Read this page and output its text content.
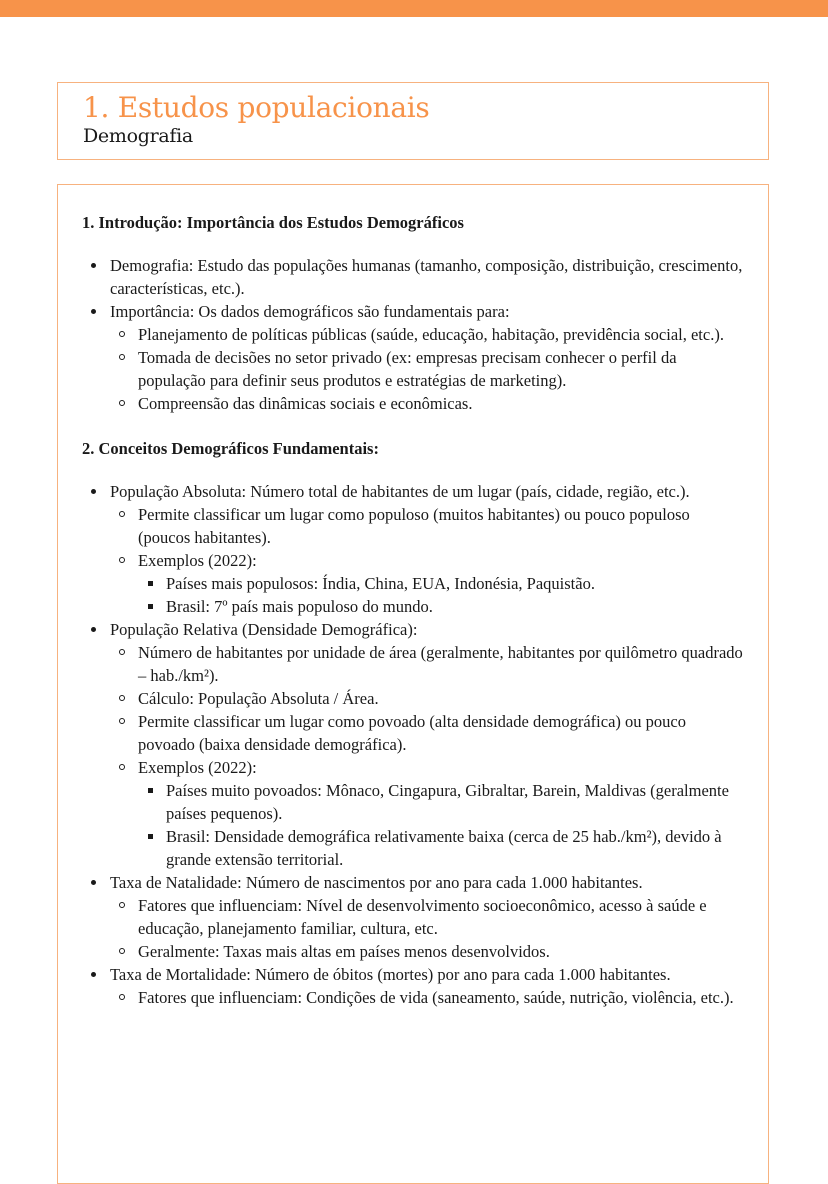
1. Estudos populacionais
Demografia
1. Introdução: Importância dos Estudos Demográficos
Demografia: Estudo das populações humanas (tamanho, composição, distribuição, crescimento, características, etc.).
Importância: Os dados demográficos são fundamentais para:
Planejamento de políticas públicas (saúde, educação, habitação, previdência social, etc.).
Tomada de decisões no setor privado (ex: empresas precisam conhecer o perfil da população para definir seus produtos e estratégias de marketing).
Compreensão das dinâmicas sociais e econômicas.
2. Conceitos Demográficos Fundamentais:
População Absoluta: Número total de habitantes de um lugar (país, cidade, região, etc.).
Permite classificar um lugar como populoso (muitos habitantes) ou pouco populoso (poucos habitantes).
Exemplos (2022):
Países mais populosos: Índia, China, EUA, Indonésia, Paquistão.
Brasil: 7º país mais populoso do mundo.
População Relativa (Densidade Demográfica):
Número de habitantes por unidade de área (geralmente, habitantes por quilômetro quadrado – hab./km²).
Cálculo: População Absoluta / Área.
Permite classificar um lugar como povoado (alta densidade demográfica) ou pouco povoado (baixa densidade demográfica).
Exemplos (2022):
Países muito povoados: Mônaco, Cingapura, Gibraltar, Barein, Maldivas (geralmente países pequenos).
Brasil: Densidade demográfica relativamente baixa (cerca de 25 hab./km²), devido à grande extensão territorial.
Taxa de Natalidade: Número de nascimentos por ano para cada 1.000 habitantes.
Fatores que influenciam: Nível de desenvolvimento socioeconômico, acesso à saúde e educação, planejamento familiar, cultura, etc.
Geralmente: Taxas mais altas em países menos desenvolvidos.
Taxa de Mortalidade: Número de óbitos (mortes) por ano para cada 1.000 habitantes.
Fatores que influenciam: Condições de vida (saneamento, saúde, nutrição, violência, etc.).
